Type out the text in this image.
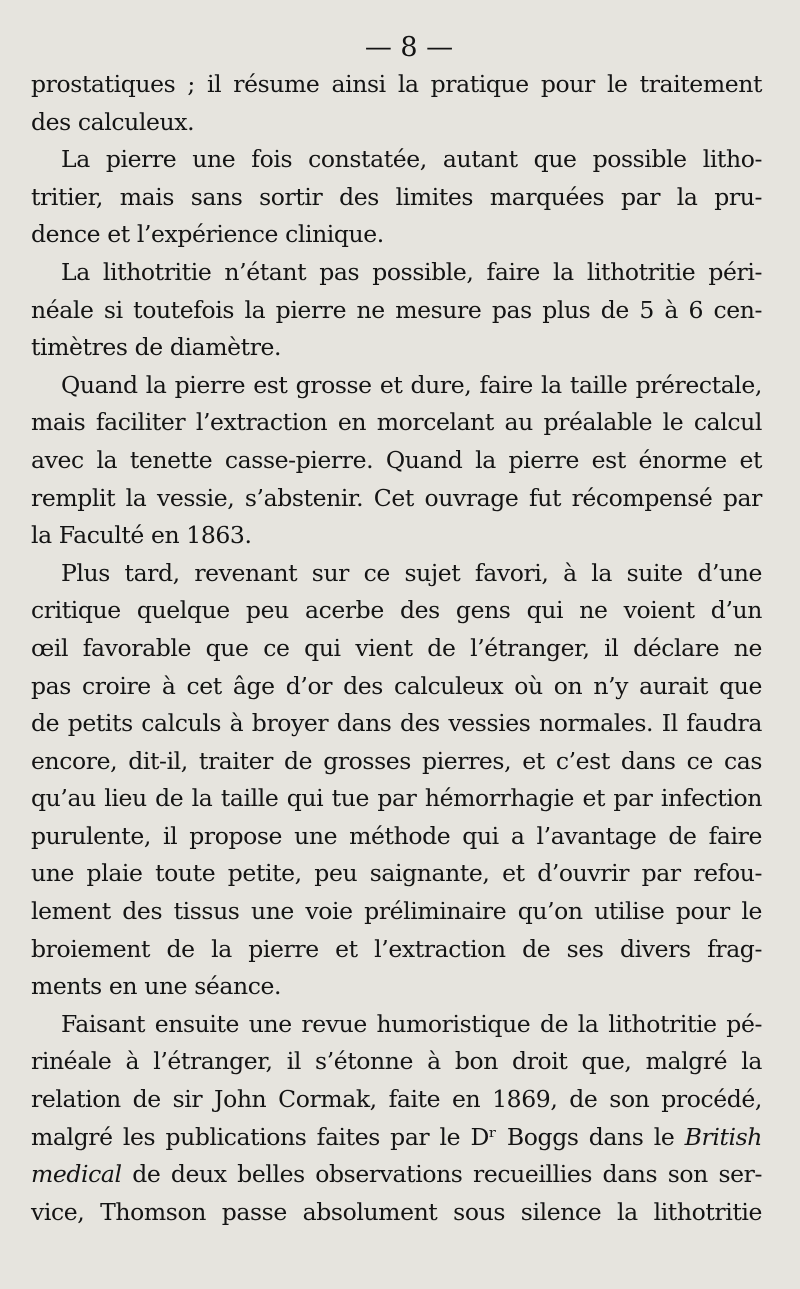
— 8 —
prostatiques ; il résume ainsi la pratique pour le traitement
des calculeux.
La pierre une fois constatée, autant que possible litho-
tritier, mais sans sortir des limites marquées par la pru-
dence et l’expérience clinique.
La lithotritie n’étant pas possible, faire la lithotritie péri-
néale si toutefois la pierre ne mesure pas plus de 5 à 6 cen-
timètres de diamètre.
Quand la pierre est grosse et dure, faire la taille prérectale,
mais faciliter l’extraction en morcelant au préalable le calcul
avec la tenette casse-pierre. Quand la pierre est énorme et
remplit la vessie, s’abstenir. Cet ouvrage fut récompensé par
la Faculté en 1863.
Plus tard, revenant sur ce sujet favori, à la suite d’une
critique quelque peu acerbe des gens qui ne voient d’un
œil favorable que ce qui vient de l’étranger, il déclare ne
pas croire à cet âge d’or des calculeux où on n’y aurait que
de petits calculs à broyer dans des vessies normales. Il faudra
encore, dit-il, traiter de grosses pierres, et c’est dans ce cas
qu’au lieu de la taille qui tue par hémorrhagie et par infection
purulente, il propose une méthode qui a l’avantage de faire
une plaie toute petite, peu saignante, et d’ouvrir par refou-
lement des tissus une voie préliminaire qu’on utilise pour le
broiement de la pierre et l’extraction de ses divers frag-
ments en une séance.
Faisant ensuite une revue humoristique de la lithotritie pé-
rinéale à l’étranger, il s’étonne à bon droit que, malgré la
relation de sir John Cormak, faite en 1869, de son procédé,
malgré les publications faites par le Dʳ Boggs dans le British
medical de deux belles observations recueillies dans son ser-
vice, Thomson passe absolument sous silence la lithotritie
